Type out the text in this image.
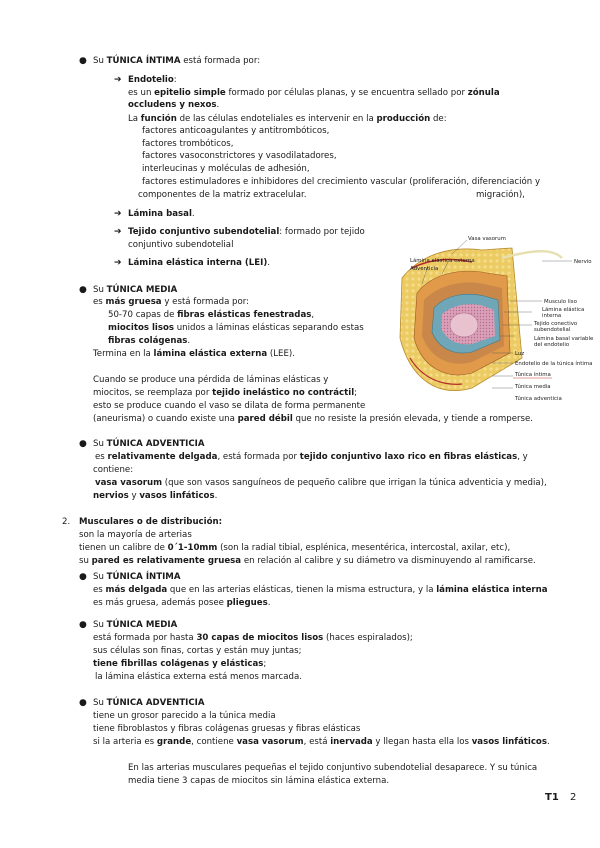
● Su TÚNICA ÍNTIMA está formada por:
➔ Endotelio:
es un epitelio simple formado por células planas, y se encuentra sellado por zónula
occludens y nexos.
La función de las células endoteliales es intervenir en la producción de:
factores anticoagulantes y antitrombóticos,
factores trombóticos,
factores vasoconstrictores y vasodilatadores,
interleucinas y moléculas de adhesión,
factores estimuladores e inhibidores del crecimiento vascular (proliferación, diferenciación y
componentes de la matriz extracelular.	migración),
➔ Lámina basal.
➔ Tejido conjuntivo subendotelial: formado por tejido
conjuntivo subendotelial
➔ Lámina elástica interna (LEI).
● Su TÚNICA MEDIA
es más gruesa y está formada por:
50-70 capas de fibras elásticas fenestradas,
miocitos lisos unidos a láminas elásticas separando estas
fibras colágenas.
Termina en la lámina elástica externa (LEE).
Cuando se produce una pérdida de láminas elásticas y
miocitos, se reemplaza por tejido inelástico no contráctil;
esto se produce cuando el vaso se dilata de forma permanente
(aneurisma) o cuando existe una pared débil que no resiste la presión elevada, y tiende a romperse.
● Su TÚNICA ADVENTICIA
es relativamente delgada, está formada por tejido conjuntivo laxo rico en fibras elásticas, y
contiene:
vasa vasorum (que son vasos sanguíneos de pequeño calibre que irrigan la túnica adventicia y media),
nervios y vasos linfáticos.
2. Musculares o de distribución:
son la mayoría de arterias
tienen un calibre de 0´1-10mm (son la radial tibial, esplénica, mesentérica, intercostal, axilar, etc),
su pared es relativamente gruesa en relación al calibre y su diámetro va disminuyendo al ramificarse.
● Su TÚNICA ÍNTIMA
es más delgada que en las arterias elásticas, tienen la misma estructura, y la lámina elástica interna
es más gruesa, además posee pliegues.
● Su TÚNICA MEDIA
está formada por hasta 30 capas de miocitos lisos (haces espiralados);
sus células son finas, cortas y están muy juntas;
tiene fibrillas colágenas y elásticas;
la lámina elástica externa está menos marcada.
● Su TÚNICA ADVENTICIA
tiene un grosor parecido a la túnica media
tiene fibroblastos y fibras colágenas gruesas y fibras elásticas
si la arteria es grande, contiene vasa vasorum, está inervada y llegan hasta ella los vasos linfáticos.
En las arterias musculares pequeñas el tejido conjuntivo subendotelial desaparece. Y su túnica
media tiene 3 capas de miocitos sin lámina elástica externa.
Vasa vasorum
Lámina elástica externa
Adventicia
Nervio
Musculo liso
Lámina elástica
interna
Tejido conectivo
subendotelial
Lámina basal variable
del endotelio
Luz
Endotelio de la túnica íntima
Túnica íntima
Túnica media
Túnica adventicia
T1 2
